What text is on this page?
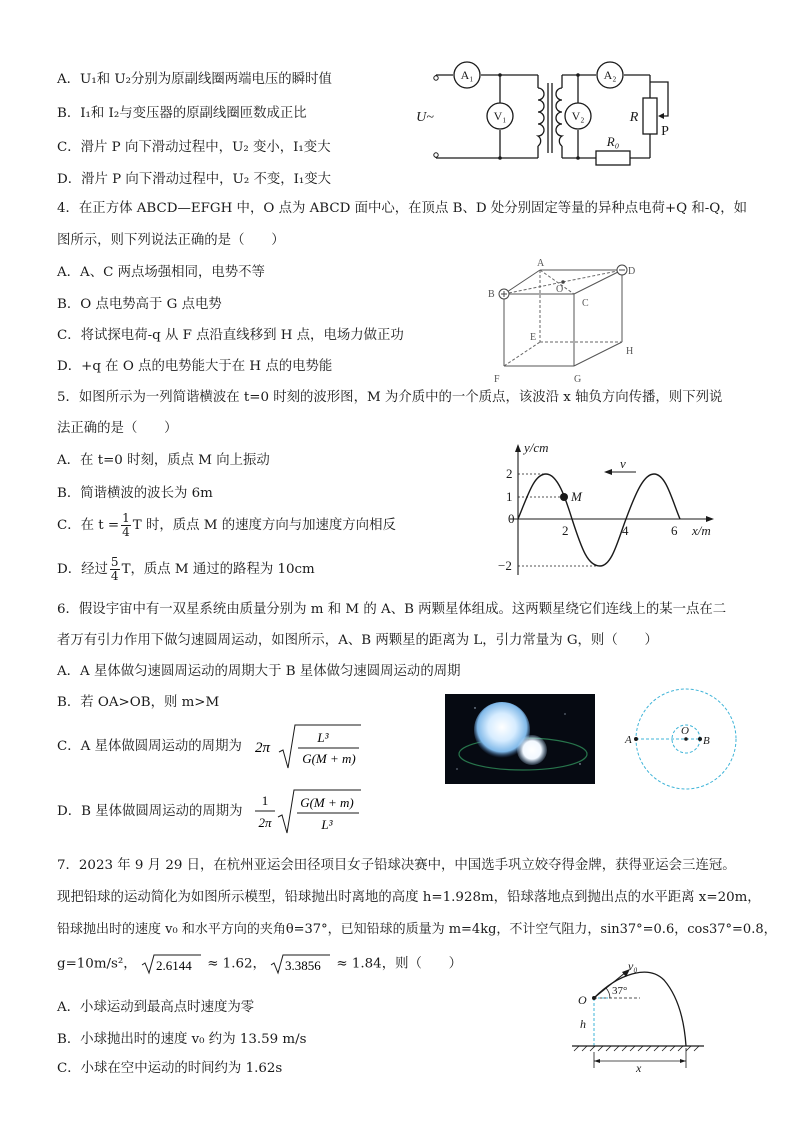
A．U₁和 U₂分别为原副线圈两端电压的瞬时值
B．I₁和 I₂与变压器的原副线圈匝数成正比
C．滑片 P 向下滑动过程中，U₂ 变小，I₁变大
D．滑片 P 向下滑动过程中，U₂ 不变，I₁变大
A₁	A₂
V₁	V₂
U~	R
R₀
P
4．在正方体 ABCD—EFGH 中，O 点为 ABCD 面中心，在顶点 B、D 处分别固定等量的异种点电荷+Q 和-Q，如
图所示，则下列说法正确的是（　　）
A．A、C 两点场强相同，电势不等
B．O 点电势高于 G 点电势
C．将试探电荷-q 从 F 点沿直线移到 H 点，电场力做正功
D．+q 在 O 点的电势能大于在 H 点的电势能
A
B
C
D
E
F	G
H
O
5．如图所示为一列简谐横波在 t=0 时刻的波形图，M 为介质中的一个质点，该波沿 x 轴负方向传播，则下列说
法正确的是（　　）
A．在 t=0 时刻，质点 M 向上振动
B．简谐横波的波长为 6m
C．在 $t = \frac{1}{4}$ T 时，质点 M 的速度方向与加速度方向相反
D．经过 $\frac{5}{4}$ T，质点 M 通过的路程为 10cm
y/cm
x/m
v
M
2
1
0
−2
2	4	6
6．假设宇宙中有一双星系统由质量分别为 m 和 M 的 A、B 两颗星体组成。这两颗星绕它们连线上的某一点在二
者万有引力作用下做匀速圆周运动，如图所示，A、B 两颗星的距离为 L，引力常量为 G，则（　　）
A．A 星体做匀速圆周运动的周期大于 B 星体做匀速圆周运动的周期
B．若 OA>OB，则 m>M
C．A 星体做圆周运动的周期为 2π
L³
G(M + m)
D．B 星体做圆周运动的周期为
1
2π
G(M + m)
L³
A
O
B
7．2023 年 9 月 29 日，在杭州亚运会田径项目女子铅球决赛中，中国选手巩立姣夺得金牌，获得亚运会三连冠。
现把铅球的运动简化为如图所示模型，铅球抛出时离地的高度 h=1.928m，铅球落地点到抛出点的水平距离 x=20m，
铅球抛出时的速度 v₀ 和水平方向的夹角θ=37°，已知铅球的质量为 m=4kg，不计空气阻力，sin37°=0.6，cos37°=0.8，
g=10m/s²， 2.6144 ≈ 1.62， 3.3856 ≈ 1.84，则（　　）
A．小球运动到最高点时速度为零
B．小球抛出时的速度 v₀ 约为 13.59 m/s
C．小球在空中运动的时间约为 1.62s
v₀
37°
O
h
x
